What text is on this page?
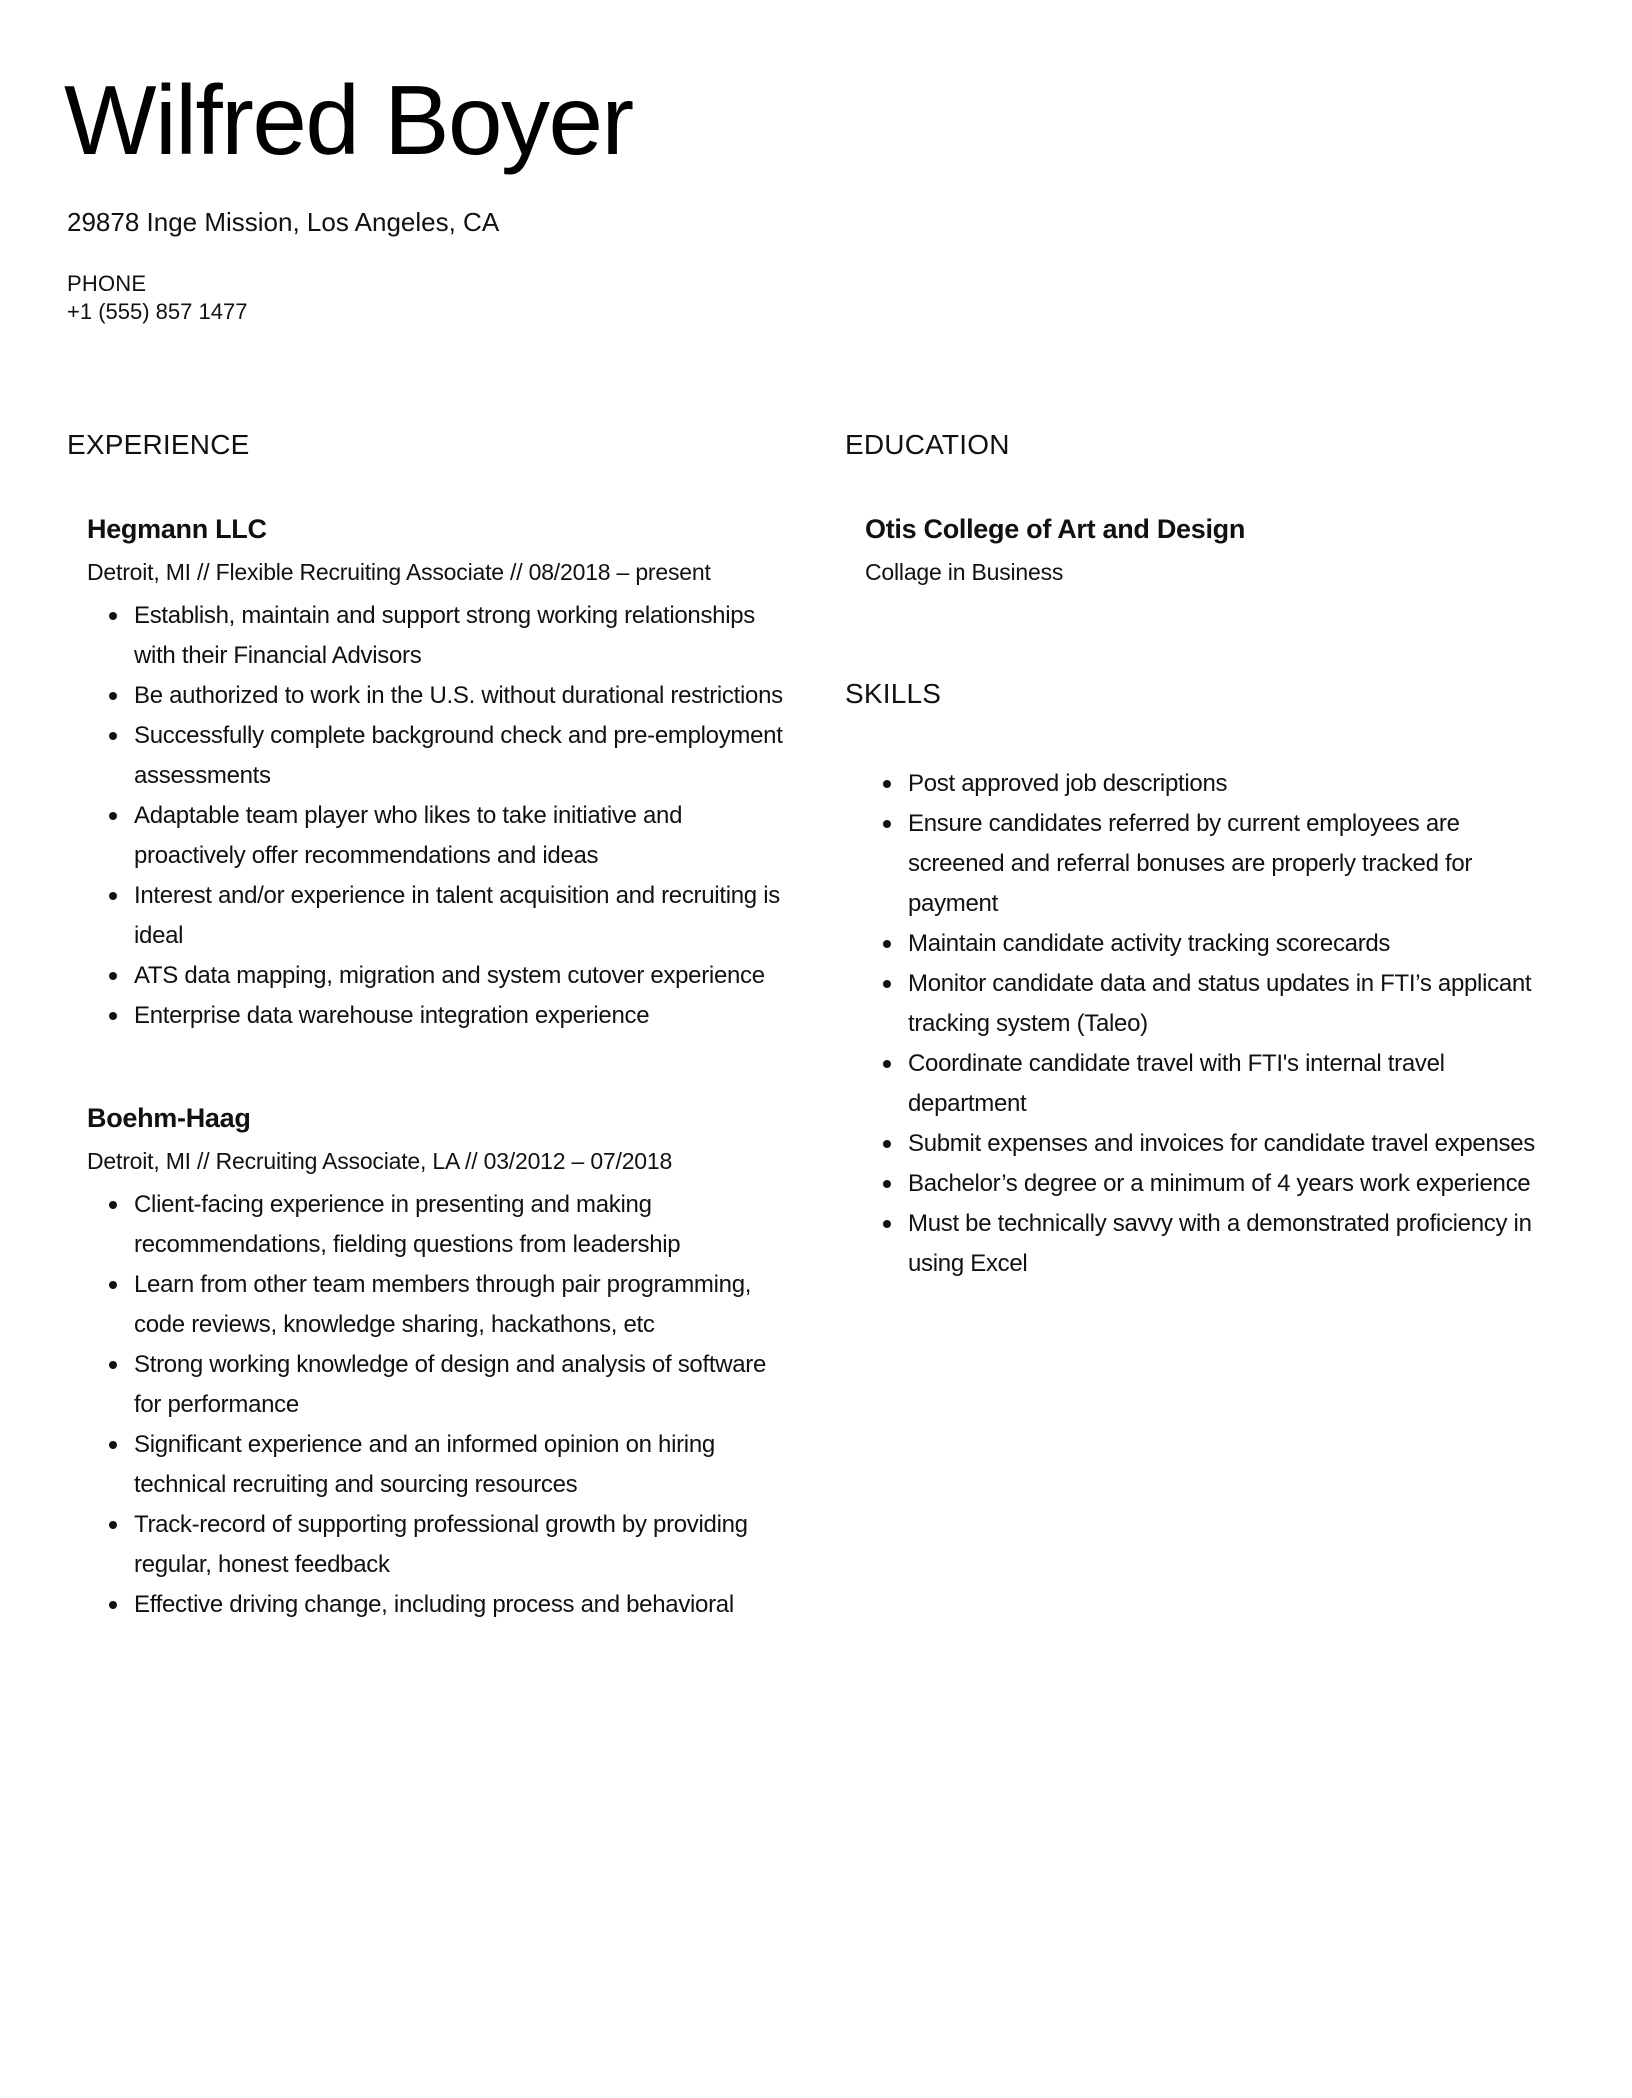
Wilfred Boyer

29878 Inge Mission, Los Angeles, CA

PHONE

+1 (555) 857 1477

EXPERIENCE
Hegmann LLC

Detroit, MI // Flexible Recruiting Associate // 08/2018 – present

Establish, maintain and support strong working relationships with their Financial Advisors
Be authorized to work in the U.S. without durational restrictions
Successfully complete background check and pre-employment assessments
Adaptable team player who likes to take initiative and proactively offer recommendations and ideas
Interest and/or experience in talent acquisition and recruiting is ideal
ATS data mapping, migration and system cutover experience
Enterprise data warehouse integration experience
Boehm-Haag

Detroit, MI // Recruiting Associate, LA // 03/2012 – 07/2018

Client-facing experience in presenting and making recommendations, fielding questions from leadership
Learn from other team members through pair programming, code reviews, knowledge sharing, hackathons, etc
Strong working knowledge of design and analysis of software for performance
Significant experience and an informed opinion on hiring technical recruiting and sourcing resources
Track-record of supporting professional growth by providing regular, honest feedback
Effective driving change, including process and behavioral
EDUCATION
Otis College of Art and Design

Collage in Business

SKILLS
Post approved job descriptions
Ensure candidates referred by current employees are screened and referral bonuses are properly tracked for payment
Maintain candidate activity tracking scorecards
Monitor candidate data and status updates in FTI’s applicant tracking system (Taleo)
Coordinate candidate travel with FTI's internal travel department
Submit expenses and invoices for candidate travel expenses
Bachelor’s degree or a minimum of 4 years work experience
Must be technically savvy with a demonstrated proficiency in using Excel
